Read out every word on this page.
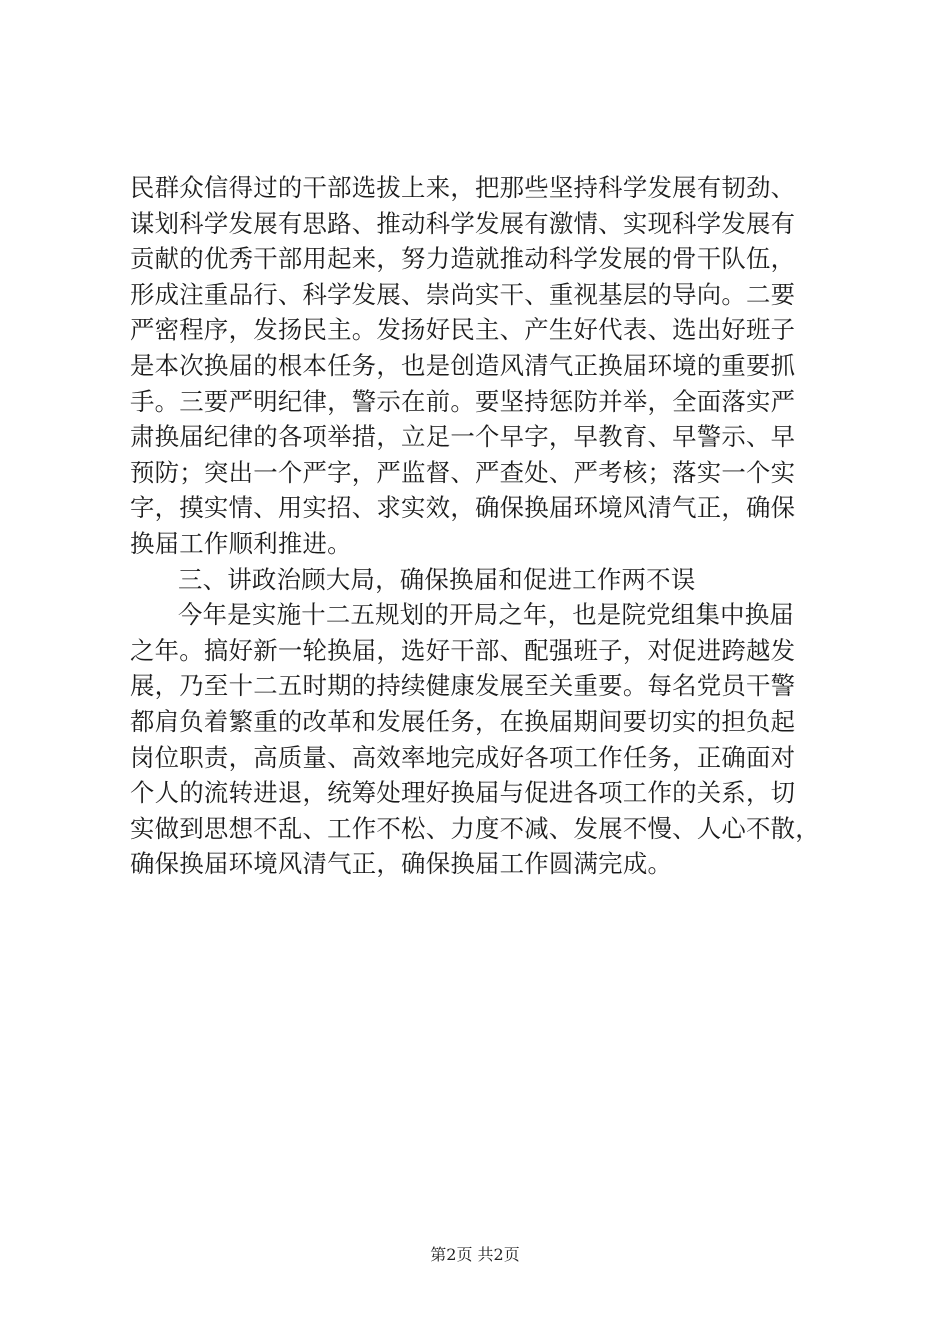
民群众信得过的干部选拔上来，把那些坚持科学发展有韧劲、
谋划科学发展有思路、推动科学发展有激情、实现科学发展有
贡献的优秀干部用起来，努力造就推动科学发展的骨干队伍，
形成注重品行、科学发展、崇尚实干、重视基层的导向。二要
严密程序，发扬民主。发扬好民主、产生好代表、选出好班子
是本次换届的根本任务，也是创造风清气正换届环境的重要抓
手。三要严明纪律，警示在前。要坚持惩防并举，全面落实严
肃换届纪律的各项举措，立足一个早字，早教育、早警示、早
预防；突出一个严字，严监督、严查处、严考核；落实一个实
字，摸实情、用实招、求实效，确保换届环境风清气正，确保
换届工作顺利推进。
三、讲政治顾大局，确保换届和促进工作两不误
今年是实施十二五规划的开局之年，也是院党组集中换届
之年。搞好新一轮换届，选好干部、配强班子，对促进跨越发
展，乃至十二五时期的持续健康发展至关重要。每名党员干警
都肩负着繁重的改革和发展任务，在换届期间要切实的担负起
岗位职责，高质量、高效率地完成好各项工作任务，正确面对
个人的流转进退，统筹处理好换届与促进各项工作的关系，切
实做到思想不乱、工作不松、力度不减、发展不慢、人心不散，
确保换届环境风清气正，确保换届工作圆满完成。
第2页 共2页
